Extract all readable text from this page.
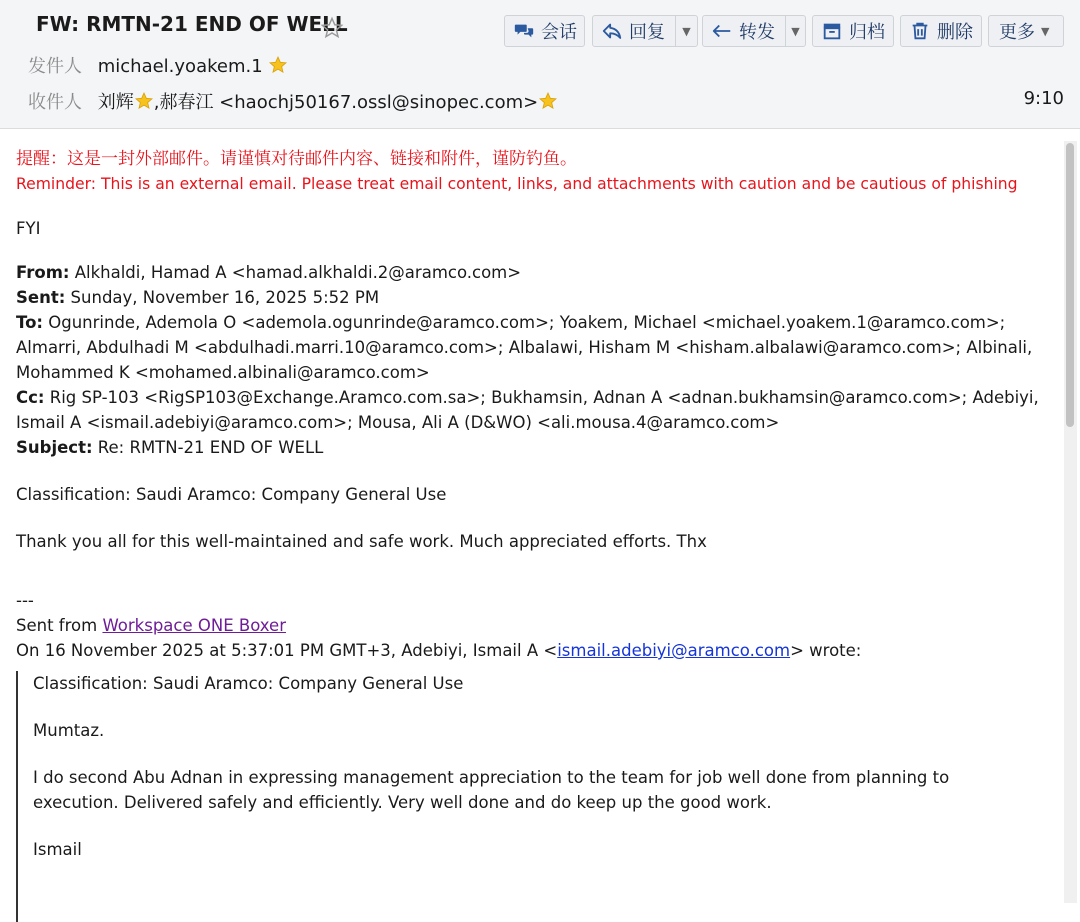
FW: RMTN-21 END OF WELL
发件人 michael.yoakem.1
收件人 刘辉 ,郝春江 <haochj50167.ossl@sinopec.com>	9:10
会话	回复	▼	转发	▼	归档	删除	更多 ▼
提醒：这是一封外部邮件。请谨慎对待邮件内容、链接和附件，谨防钓鱼。
Reminder: This is an external email. Please treat email content, links, and attachments with caution and be cautious of phishing
FYI
From: Alkhaldi, Hamad A <hamad.alkhaldi.2@aramco.com>
Sent: Sunday, November 16, 2025 5:52 PM
To: Ogunrinde, Ademola O <ademola.ogunrinde@aramco.com>; Yoakem, Michael <michael.yoakem.1@aramco.com>; Almarri, Abdulhadi M <abdulhadi.marri.10@aramco.com>; Albalawi, Hisham M <hisham.albalawi@aramco.com>; Albinali, Mohammed K <mohamed.albinali@aramco.com>
Cc: Rig SP-103 <RigSP103@Exchange.Aramco.com.sa>; Bukhamsin, Adnan A <adnan.bukhamsin@aramco.com>; Adebiyi, Ismail A <ismail.adebiyi@aramco.com>; Mousa, Ali A (D&WO) <ali.mousa.4@aramco.com>
Subject: Re: RMTN-21 END OF WELL
Classification: Saudi Aramco: Company General Use
Thank you all for this well-maintained and safe work. Much appreciated efforts. Thx
---
Sent from Workspace ONE Boxer
On 16 November 2025 at 5:37:01 PM GMT+3, Adebiyi, Ismail A <ismail.adebiyi@aramco.com> wrote:
Classification: Saudi Aramco: Company General Use
Mumtaz.
I do second Abu Adnan in expressing management appreciation to the team for job well done from planning to execution. Delivered safely and efficiently. Very well done and do keep up the good work.
Ismail
